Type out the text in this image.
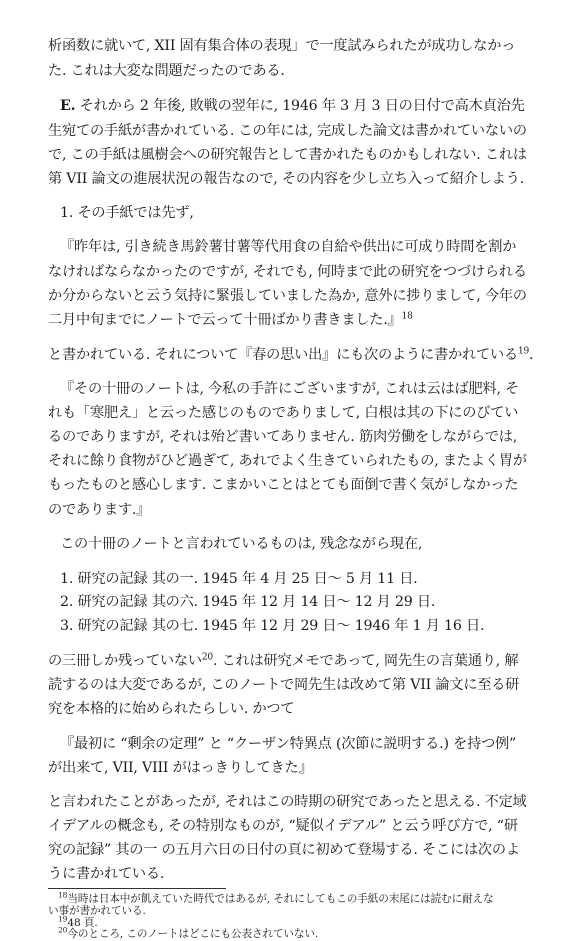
析函数に就いて, XII 固有集合体の表現」で一度試みられたが成功しなかっ
た. これは大変な問題だったのである.
E. それから 2 年後, 敗戦の翌年に, 1946 年 3 月 3 日の日付で高木貞治先
生宛ての手紙が書かれている. この年には, 完成した論文は書かれていないの
で, この手紙は風樹会への研究報告として書かれたものかもしれない. これは
第 VII 論文の進展状況の報告なので, その内容を少し立ち入って紹介しよう.
1. その手紙では先ず,
『昨年は, 引き続き馬鈴薯甘薯等代用食の自給や供出に可成り時間を割か
なければならなかったのですが, それでも, 何時まで此の研究をつづけられる
か分からないと云う気持に緊張していました為か, 意外に捗りまして, 今年の
二月中旬までにノートで云って十冊ばかり書きました.』$^{18}$
と書かれている. それについて『春の思い出』にも次のように書かれている$^{19}$.
『その十冊のノートは, 今私の手許にございますが, これは云はば肥料, そ
れも「寒肥え」と云った感じのものでありまして, 白根は其の下にのびてい
るのでありますが, それは殆ど書いてありません. 筋肉労働をしながらでは,
それに餘り食物がひど過ぎて, あれでよく生きていられたもの, またよく胃が
もったものと感心します. こまかいことはとても面倒で書く気がしなかった
のであります.』
この十冊のノートと言われているものは, 残念ながら現在,
1. 研究の記録 其の一. 1945 年 4 月 25 日～ 5 月 11 日.
2. 研究の記録 其の六. 1945 年 12 月 14 日～ 12 月 29 日.
3. 研究の記録 其の七. 1945 年 12 月 29 日～ 1946 年 1 月 16 日.
の三冊しか残っていない$^{20}$. これは研究メモであって, 岡先生の言葉通り, 解
読するのは大変であるが, このノートで岡先生は改めて第 VII 論文に至る研
究を本格的に始められたらしい. かつて
『最初に “剰余の定理” と “クーザン特異点 (次節に説明する.) を持つ例”
が出来て, VII, VIII がはっきりしてきた』
と言われたことがあったが, それはこの時期の研究であったと思える. 不定域
イデアルの概念も, その特別なものが, “疑似イデアル” と云う呼び方で, “研
究の記録” 其の一 の五月六日の日付の頁に初めて登場する. そこには次のよ
うに書かれている.
$^{18}$当時は日本中が飢えていた時代ではあるが, それにしてもこの手紙の末尾には読むに耐えな
い事が書かれている.
$^{19}$48 頁.
$^{20}$今のところ, このノートはどこにも公表されていない.
